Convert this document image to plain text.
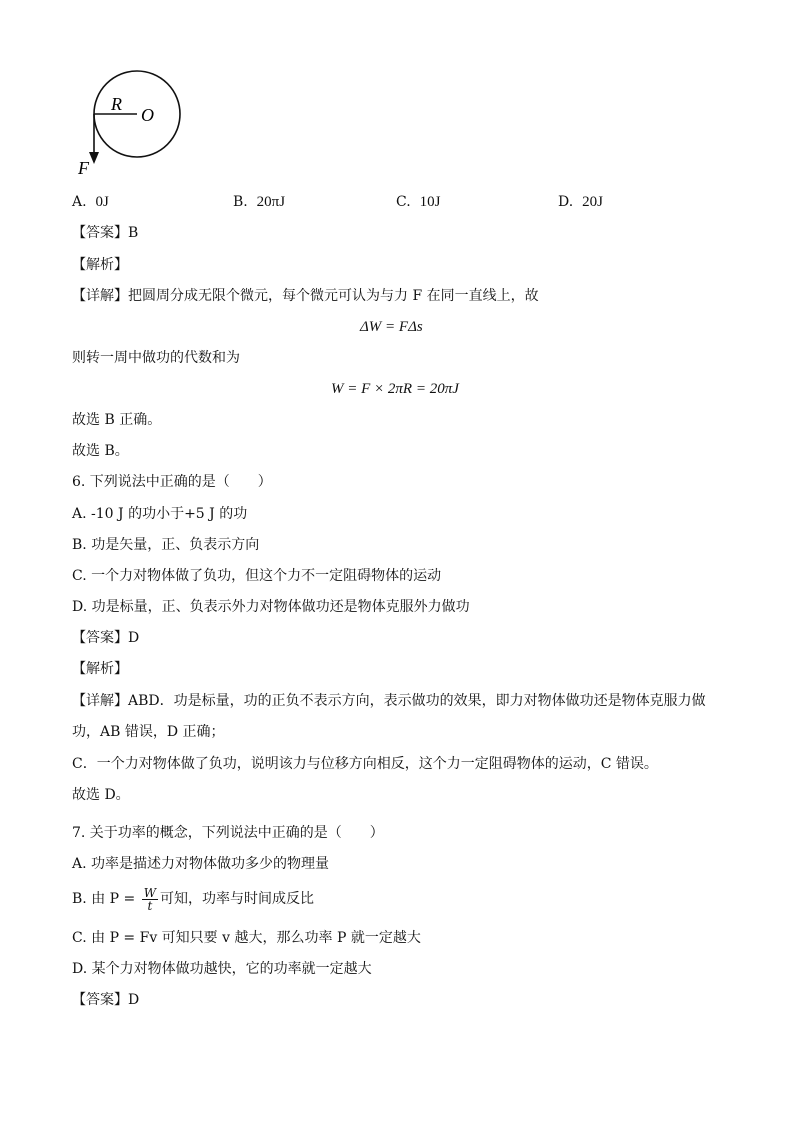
R
O
F
A. 0J	B. 20πJ	C. 10J	D. 20J
【答案】B
【解析】
【详解】把圆周分成无限个微元，每个微元可认为与力 F 在同一直线上，故
ΔW = FΔs
则转一周中做功的代数和为
W = F × 2πR = 20πJ
故选 B 正确。
故选 B。
6. 下列说法中正确的是（　　）
A. -10 J 的功小于+5 J 的功
B. 功是矢量，正、负表示方向
C. 一个力对物体做了负功，但这个力不一定阻碍物体的运动
D. 功是标量，正、负表示外力对物体做功还是物体克服外力做功
【答案】D
【解析】
【详解】ABD．功是标量，功的正负不表示方向，表示做功的效果，即力对物体做功还是物体克服力做
功，AB 错误，D 正确；
C．一个力对物体做了负功，说明该力与位移方向相反，这个力一定阻碍物体的运动，C 错误。
故选 D。
7. 关于功率的概念，下列说法中正确的是（　　）
A. 功率是描述力对物体做功多少的物理量
B. 由 $P = \frac{W}{t}$ 可知，功率与时间成反比
C. 由 P = Fv 可知只要 v 越大，那么功率 P 就一定越大
D. 某个力对物体做功越快，它的功率就一定越大
【答案】D
